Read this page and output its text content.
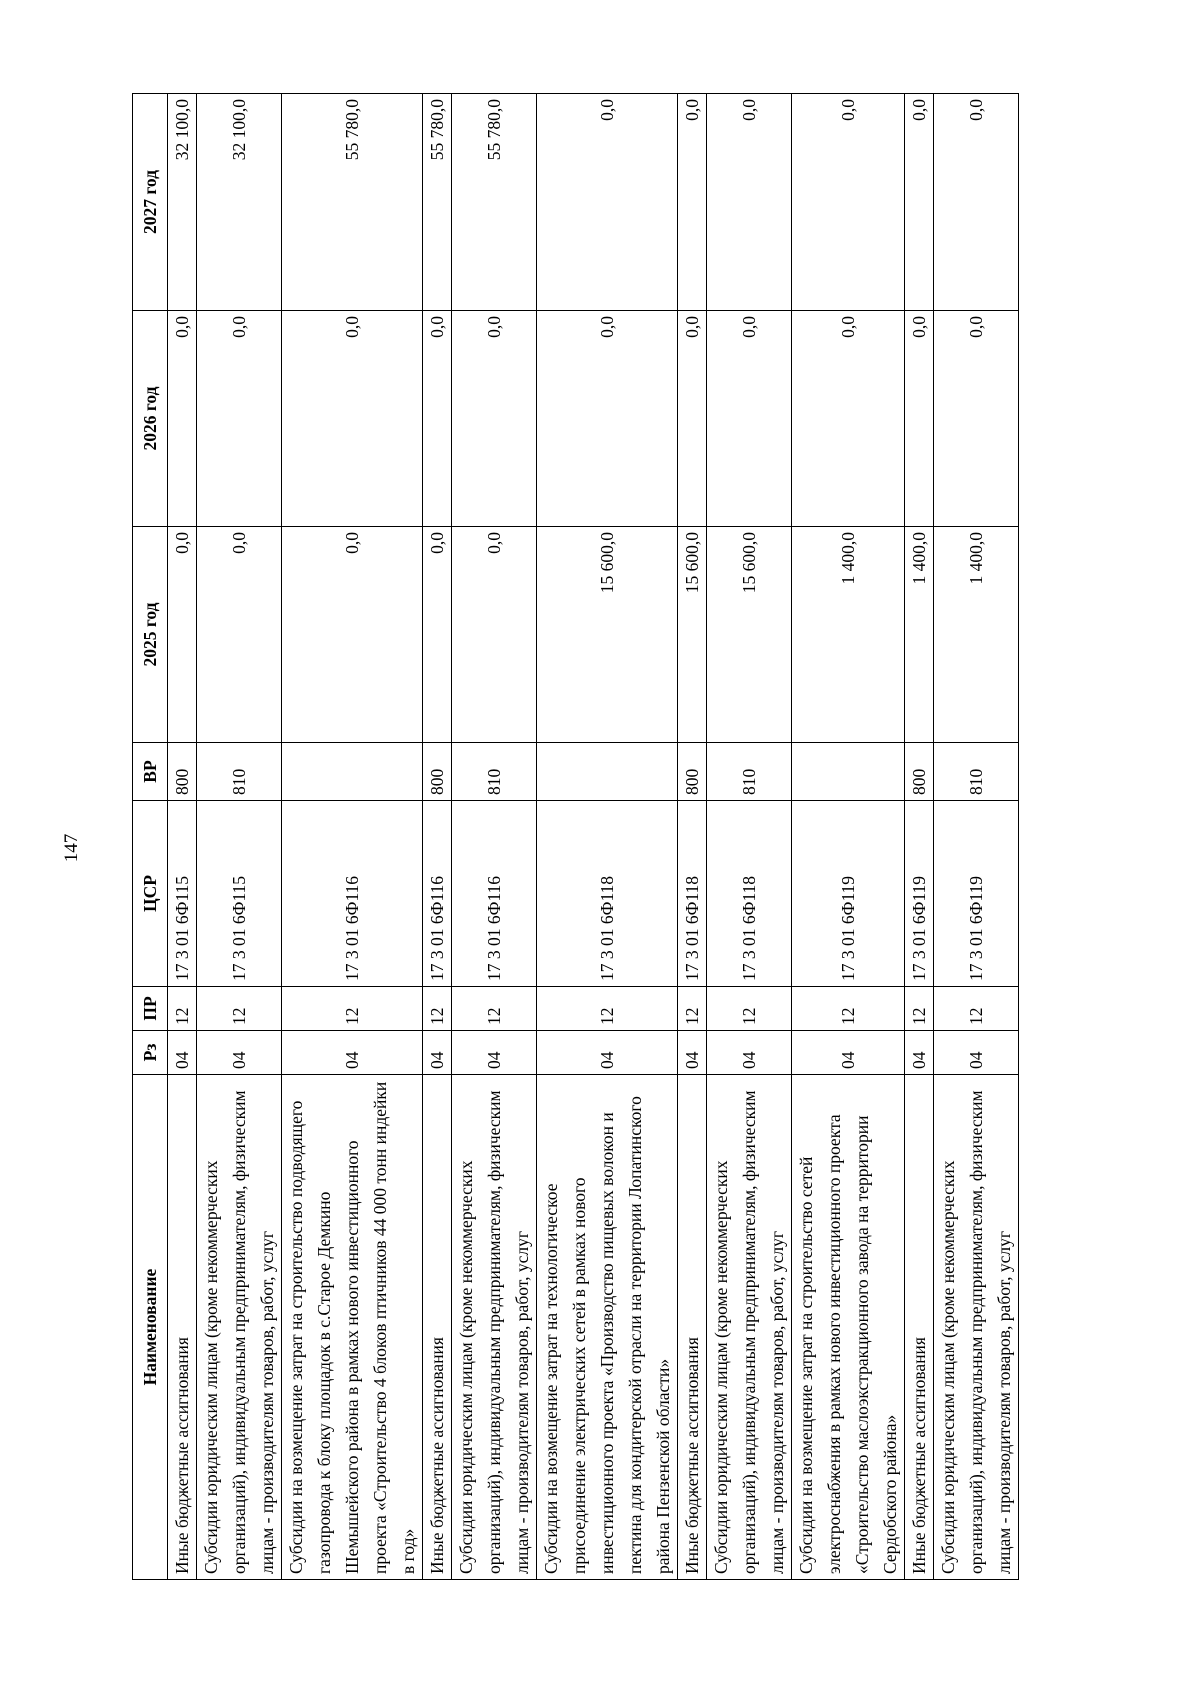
147
Наименование	Рз	ПР	ЦСР	ВР	2025 год	2026 год	2027 год
Иные бюджетные ассигнования	04	12	17 3 01 6Ф115	800	0,0	0,0	32 100,0
Субсидии юридическим лицам (кроме некоммерческих организаций), индивидуальным предпринимателям, физическим лицам - производителям товаров, работ, услуг	04	12	17 3 01 6Ф115	810	0,0	0,0	32 100,0
Субсидии на возмещение затрат на строительство подводящего газопровода к блоку площадок в с.Старое Демкино Шемышейского района в рамках нового инвестиционного проекта «Строительство 4 блоков птичников 44 000 тонн индейки в год»	04	12	17 3 01 6Ф116		0,0	0,0	55 780,0
Иные бюджетные ассигнования	04	12	17 3 01 6Ф116	800	0,0	0,0	55 780,0
Субсидии юридическим лицам (кроме некоммерческих организаций), индивидуальным предпринимателям, физическим лицам - производителям товаров, работ, услуг	04	12	17 3 01 6Ф116	810	0,0	0,0	55 780,0
Субсидии на возмещение затрат на технологическое присоединение электрических сетей в рамках нового инвестиционного проекта «Производство пищевых волокон и пектина для кондитерской отрасли на территории Лопатинского района Пензенской области»	04	12	17 3 01 6Ф118		15 600,0	0,0	0,0
Иные бюджетные ассигнования	04	12	17 3 01 6Ф118	800	15 600,0	0,0	0,0
Субсидии юридическим лицам (кроме некоммерческих организаций), индивидуальным предпринимателям, физическим лицам - производителям товаров, работ, услуг	04	12	17 3 01 6Ф118	810	15 600,0	0,0	0,0
Субсидии на возмещение затрат на строительство сетей электроснабжения в рамках нового инвестиционного проекта «Строительство маслоэкстракционного завода на территории Сердобского района»	04	12	17 3 01 6Ф119		1 400,0	0,0	0,0
Иные бюджетные ассигнования	04	12	17 3 01 6Ф119	800	1 400,0	0,0	0,0
Субсидии юридическим лицам (кроме некоммерческих организаций), индивидуальным предпринимателям, физическим лицам - производителям товаров, работ, услуг	04	12	17 3 01 6Ф119	810	1 400,0	0,0	0,0
